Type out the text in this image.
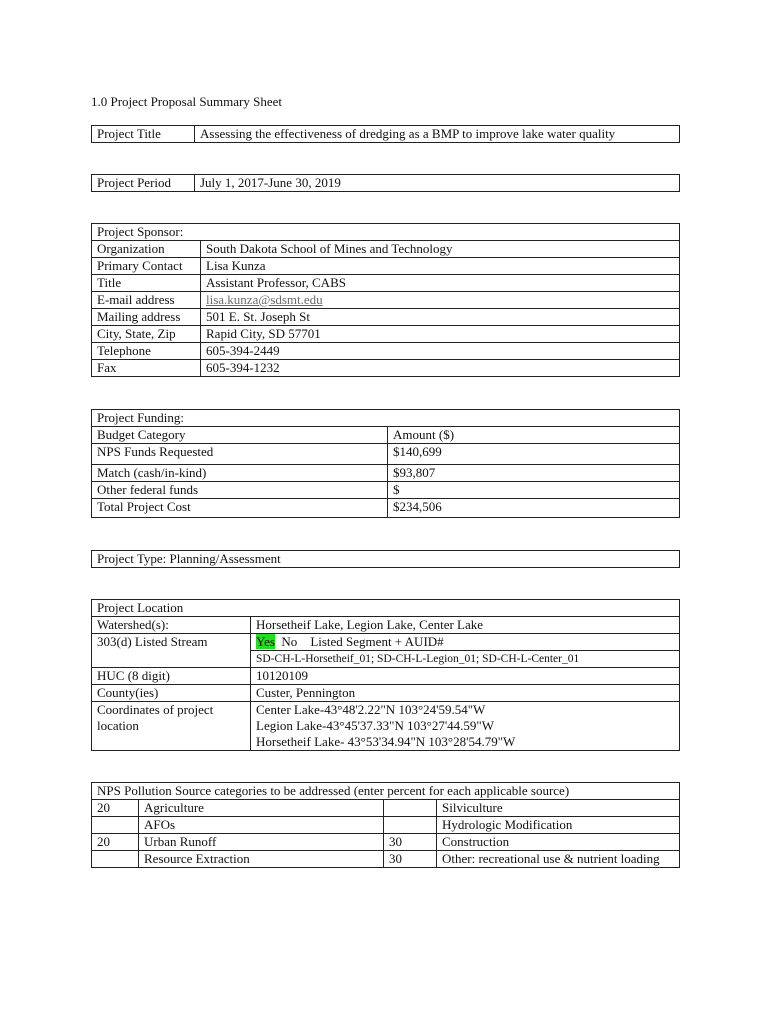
1.0 Project Proposal Summary Sheet
Project Title	Assessing the effectiveness of dredging as a BMP to improve lake water quality
Project Period	July 1, 2017-June 30, 2019
Project Sponsor:	
Organization	South Dakota School of Mines and Technology
Primary Contact	Lisa Kunza
Title	Assistant Professor, CABS
E-mail address	lisa.kunza@sdsmt.edu
Mailing address	501 E. St. Joseph St
City, State, Zip	Rapid City, SD 57701
Telephone	605-394-2449
Fax	605-394-1232
Project Funding:	
Budget Category	Amount ($)
NPS Funds Requested	$140,699
Match (cash/in-kind)	$93,807
Other federal funds	$
Total Project Cost	$234,506
Project Type: Planning/Assessment
Project Location	
Watershed(s):	Horsetheif Lake, Legion Lake, Center Lake
303(d) Listed Stream	Yes No Listed Segment + AUID#
	SD-CH-L-Horsetheif_01; SD-CH-L-Legion_01; SD-CH-L-Center_01
HUC (8 digit)	10120109
County(ies)	Custer, Pennington
Coordinates of project location	Center Lake-43°48'2.22"N 103°24'59.54"W
Legion Lake-43°45'37.33"N 103°27'44.59"W
Horsetheif Lake- 43°53'34.94"N 103°28'54.79"W
NPS Pollution Source categories to be addressed (enter percent for each applicable source)			
20	Agriculture		Silviculture
	AFOs		Hydrologic Modification
20	Urban Runoff	30	Construction
	Resource Extraction	30	Other: recreational use & nutrient loading
